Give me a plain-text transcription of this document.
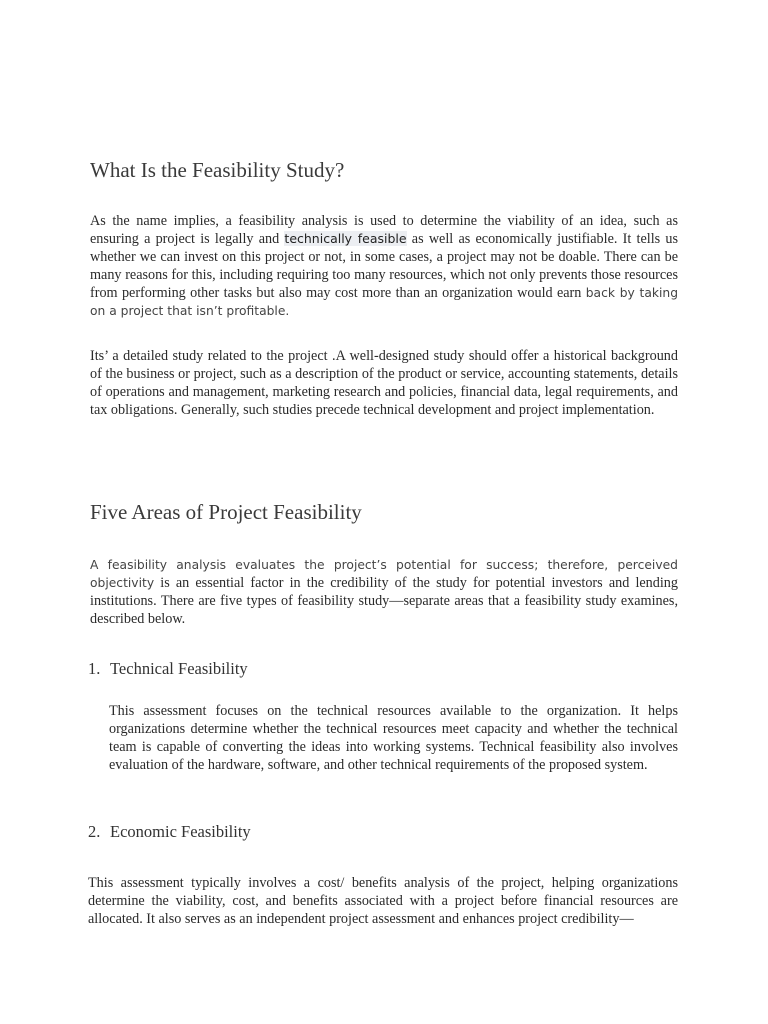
What Is the Feasibility Study?

As the name implies, a feasibility analysis is used to determine the viability of an idea, such as ensuring a project is legally and technically feasible as well as economically justifiable. It tells us whether we can invest on this project or not, in some cases, a project may not be doable. There can be many reasons for this, including requiring too many resources, which not only prevents those resources from performing other tasks but also may cost more than an organization would earn back by taking on a project that isn’t profitable.

Its’ a detailed study related to the project .A well-designed study should offer a historical background of the business or project, such as a description of the product or service, accounting statements, details of operations and management, marketing research and policies, financial data, legal requirements, and tax obligations. Generally, such studies precede technical development and project implementation.

Five Areas of Project Feasibility

A feasibility analysis evaluates the project’s potential for success; therefore, perceived objectivity is an essential factor in the credibility of the study for potential investors and lending institutions. There are five types of feasibility study—separate areas that a feasibility study examines, described below.

1. Technical Feasibility

This assessment focuses on the technical resources available to the organization. It helps organizations determine whether the technical resources meet capacity and whether the technical team is capable of converting the ideas into working systems. Technical feasibility also involves evaluation of the hardware, software, and other technical requirements of the proposed system.

2. Economic Feasibility

This assessment typically involves a cost/ benefits analysis of the project, helping organizations determine the viability, cost, and benefits associated with a project before financial resources are allocated. It also serves as an independent project assessment and enhances project credibility—
